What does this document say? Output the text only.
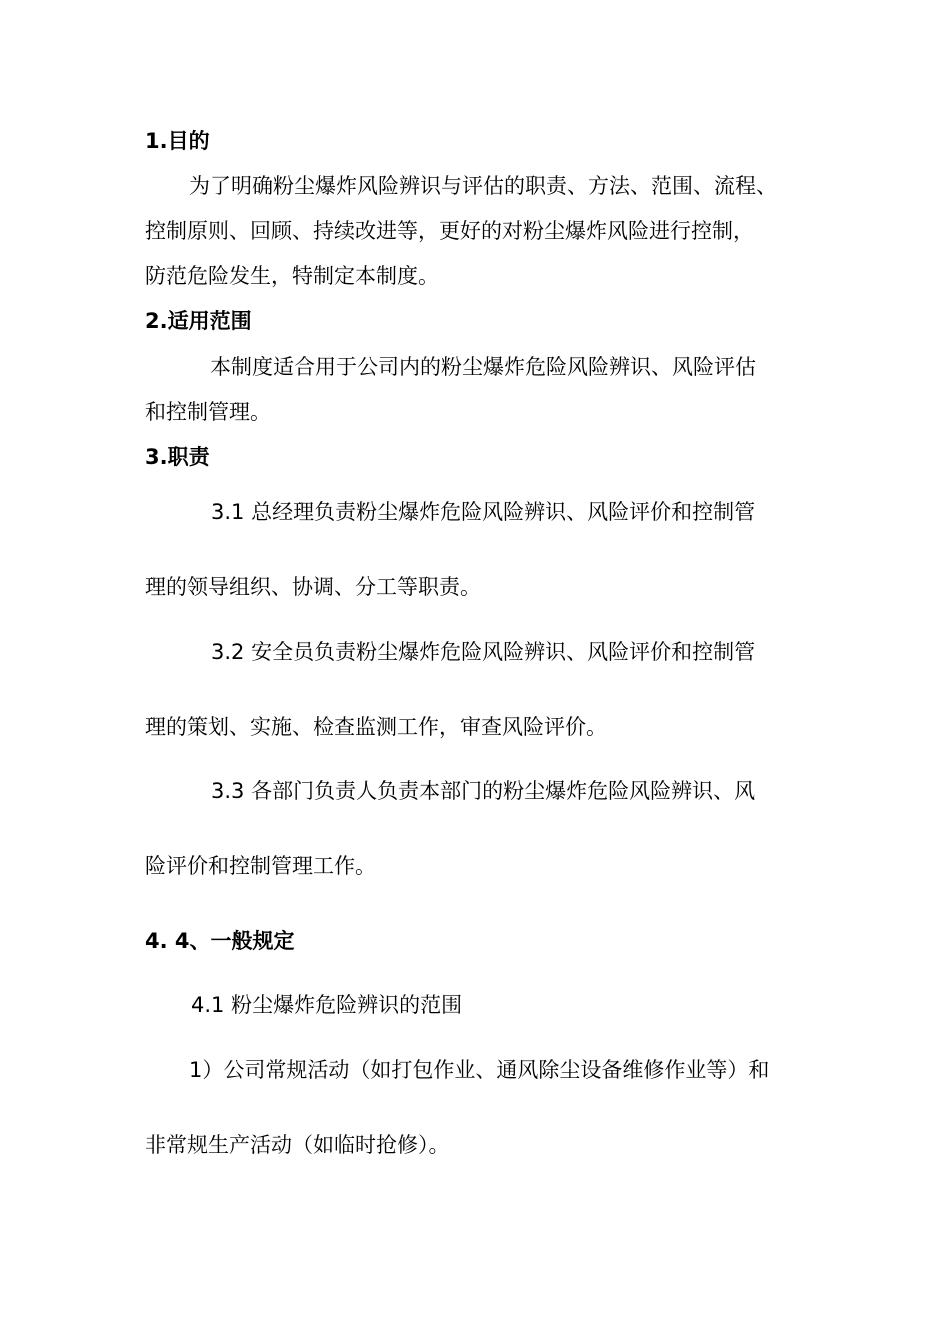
1.目的
为了明确粉尘爆炸风险辨识与评估的职责、方法、范围、流程、
控制原则、回顾、持续改进等，更好的对粉尘爆炸风险进行控制，
防范危险发生，特制定本制度。
2.适用范围
本制度适合用于公司内的粉尘爆炸危险风险辨识、风险评估
和控制管理。
3.职责
3.1 总经理负责粉尘爆炸危险风险辨识、风险评价和控制管
理的领导组织、协调、分工等职责。
3.2 安全员负责粉尘爆炸危险风险辨识、风险评价和控制管
理的策划、实施、检查监测工作，审查风险评价。
3.3 各部门负责人负责本部门的粉尘爆炸危险风险辨识、风
险评价和控制管理工作。
4. 4、一般规定
4.1 粉尘爆炸危险辨识的范围
1）公司常规活动（如打包作业、通风除尘设备维修作业等）和
非常规生产活动（如临时抢修）。
